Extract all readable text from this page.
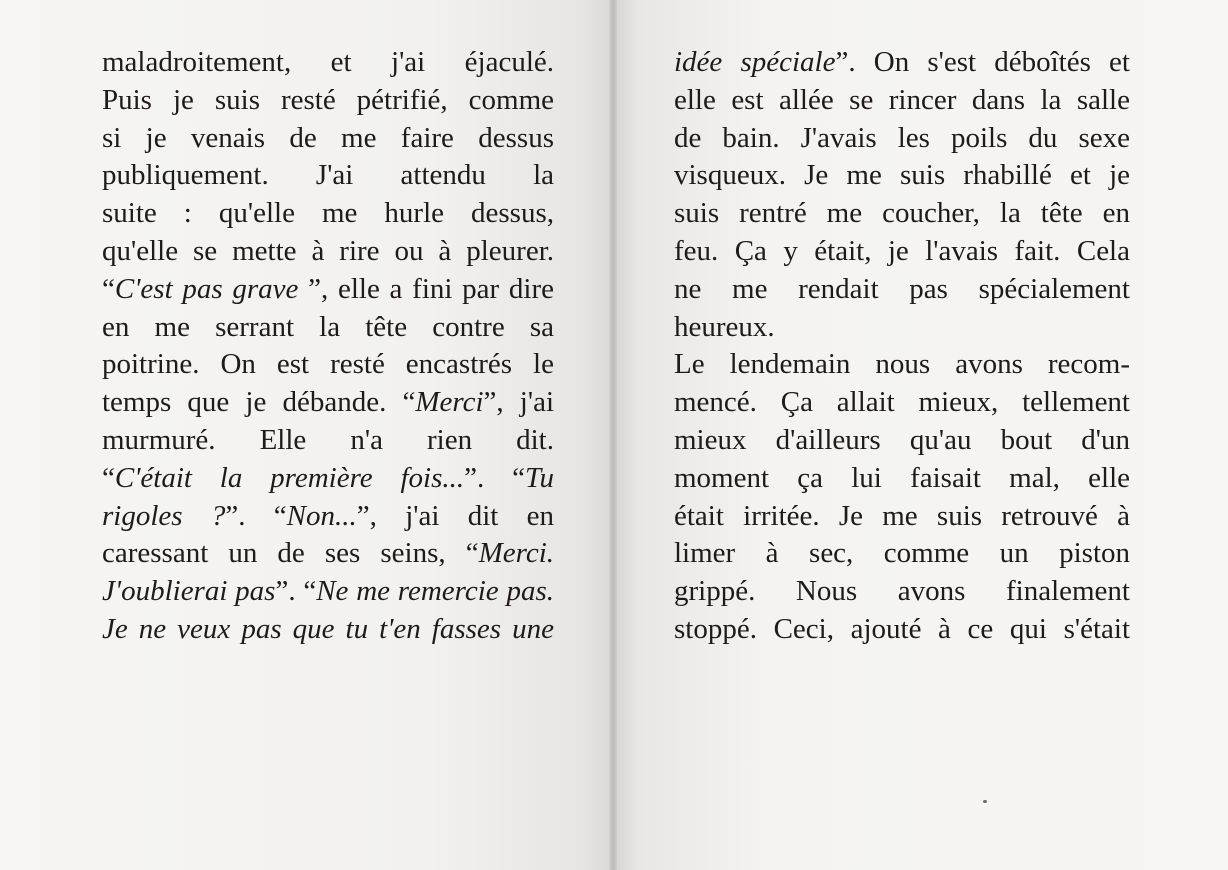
maladroitement, et j'ai éjaculé.
Puis je suis resté pétrifié, comme
si je venais de me faire dessus
publiquement. J'ai attendu la
suite : qu'elle me hurle dessus,
qu'elle se mette à rire ou à pleurer.
“C'est pas grave ”, elle a fini par dire
en me serrant la tête contre sa
poitrine. On est resté encastrés le
temps que je débande. “Merci”, j'ai
murmuré. Elle n'a rien dit.
“C'était la première fois...”. “Tu
rigoles ?”. “Non...”, j'ai dit en
caressant un de ses seins, “Merci.
J'oublierai pas”. “Ne me remercie pas.
Je ne veux pas que tu t'en fasses une
idée spéciale”. On s'est déboîtés et
elle est allée se rincer dans la salle
de bain. J'avais les poils du sexe
visqueux. Je me suis rhabillé et je
suis rentré me coucher, la tête en
feu. Ça y était, je l'avais fait. Cela
ne me rendait pas spécialement
heureux.
Le lendemain nous avons recom-
mencé. Ça allait mieux, tellement
mieux d'ailleurs qu'au bout d'un
moment ça lui faisait mal, elle
était irritée. Je me suis retrouvé à
limer à sec, comme un piston
grippé. Nous avons finalement
stoppé. Ceci, ajouté à ce qui s'était
